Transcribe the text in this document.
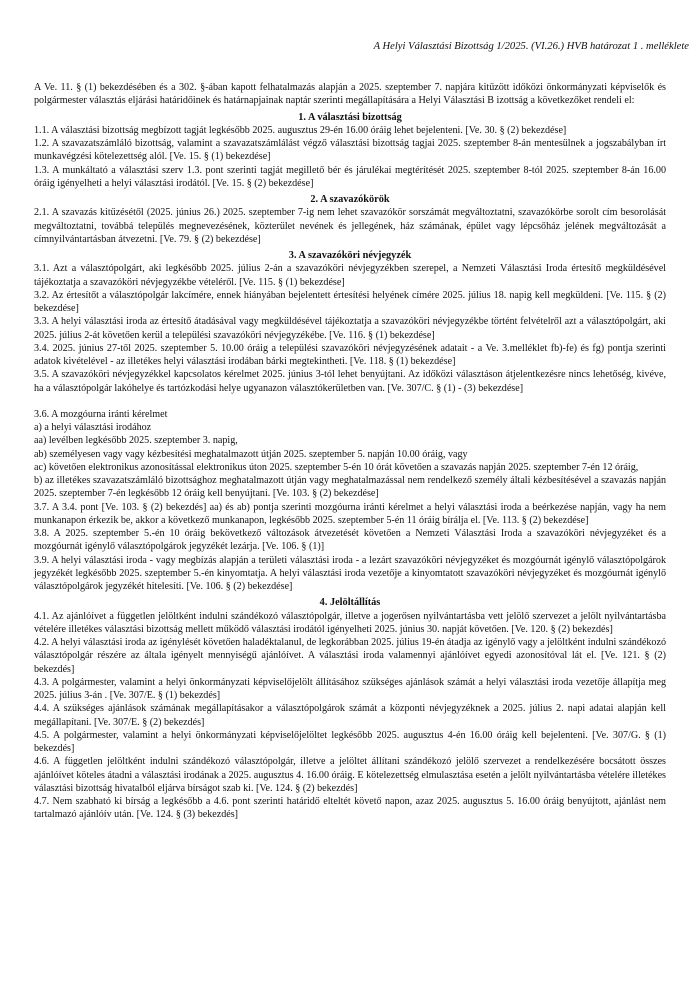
A Helyi Választási Bizottság 1/2025. (VI.26.) HVB határozat 1 . melléklete

A Ve. 11. § (1) bekezdésében és a 302. §-ában kapott felhatalmazás alapján a 2025. szeptember 7. napjára kitűzött időközi önkormányzati képviselők és polgármester választás eljárási határidőinek és határnapjainak naptár szerinti megállapítására a Helyi Választási B izottság a következőket rendeli el:

1. A választási bizottság

1.1. A választási bizottság megbízott tagját legkésőbb 2025. augusztus 29-én 16.00 óráig lehet bejelenteni. [Ve. 30. § (2) bekezdése]

1.2. A szavazatszámláló bizottság, valamint a szavazatszámlálást végző választási bizottság tagjai 2025. szeptember 8-án mentesülnek a jogszabályban írt munkavégzési kötelezettség alól. [Ve. 15. § (1) bekezdése]

1.3. A munkáltató a választási szerv 1.3. pont szerinti tagját megillető bér és járulékai megtérítését 2025. szeptember 8-tól 2025. szeptember 8-án 16.00 óráig igényelheti a helyi választási irodától. [Ve. 15. § (2) bekezdése]

2. A szavazókörök

2.1. A szavazás kitűzésétől (2025. június 26.) 2025. szeptember 7-ig nem lehet szavazókör sorszámát megváltoztatni, szavazókörbe sorolt cím besorolását megváltoztatni, továbbá település megnevezésének, közterület nevének és jellegének, ház számának, épület vagy lépcsőház jelének megváltozását a címnyilvántartásban átvezetni. [Ve. 79. § (2) bekezdése]

3. A szavazóköri névjegyzék

3.1. Azt a választópolgárt, aki legkésőbb 2025. július 2-án a szavazóköri névjegyzékben szerepel, a Nemzeti Választási Iroda értesítő megküldésével tájékoztatja a szavazóköri névjegyzékbe vételéről. [Ve. 115. § (1) bekezdése]

3.2. Az értesítőt a választópolgár lakcímére, ennek hiányában bejelentett értesítési helyének címére 2025. július 18. napig kell megküldeni. [Ve. 115. § (2) bekezdése]

3.3. A helyi választási iroda az értesítő átadásával vagy megküldésével tájékoztatja a szavazóköri névjegyzékbe történt felvételről azt a választópolgárt, aki 2025. július 2-át követően kerül a települési szavazóköri névjegyzékébe. [Ve. 116. § (1) bekezdése]

3.4. 2025. június 27-től 2025. szeptember 5. 10.00 óráig a települési szavazóköri névjegyzésének adatait - a Ve. 3.melléklet fb)-fe) és fg) pontja szerinti adatok kivételével - az illetékes helyi választási irodában bárki megtekintheti. [Ve. 118. § (1) bekezdése]

3.5. A szavazóköri névjegyzékkel kapcsolatos kérelmet 2025. június 3-tól lehet benyújtani. Az időközi választáson átjelentkezésre nincs lehetőség, kivéve, ha a választópolgár lakóhelye és tartózkodási helye ugyanazon választókerületben van. [Ve. 307/C. § (1) - (3) bekezdése]

3.6. A mozgóurna iránti kérelmet

a) a helyi választási irodához

aa) levélben legkésőbb 2025. szeptember 3. napig,

ab) személyesen vagy vagy kézbesítési meghatalmazott útján 2025. szeptember 5. napján 10.00 óráig, vagy

ac) követően elektronikus azonosítással elektronikus úton 2025. szeptember 5-én 10 órát követően a szavazás napján 2025. szeptember 7-én 12 óráig,

b) az illetékes szavazatszámláló bizottsághoz meghatalmazott útján vagy meghatalmazással nem rendelkező személy általi kézbesítésével a szavazás napján 2025. szeptember 7-én legkésőbb 12 óráig kell benyújtani. [Ve. 103. § (2) bekezdése]

3.7. A 3.4. pont [Ve. 103. § (2) bekezdés] aa) és ab) pontja szerinti mozgóurna iránti kérelmet a helyi választási iroda a beérkezése napján, vagy ha nem munkanapon érkezik be, akkor a következő munkanapon, legkésőbb 2025. szeptember 5-én 11 óráig bírálja el. [Ve. 113. § (2) bekezdése]

3.8. A 2025. szeptember 5.-én 10 óráig bekövetkező változások átvezetését követően a Nemzeti Választási Iroda a szavazóköri névjegyzéket és a mozgóurnát igénylő választópolgárok jegyzékét lezárja. [Ve. 106. § (1)]

3.9. A helyi választási iroda - vagy megbízás alapján a területi választási iroda - a lezárt szavazóköri névjegyzéket és mozgóurnát igénylő választópolgárok jegyzékét legkésőbb 2025. szeptember 5.-én kinyomtatja. A helyi választási iroda vezetője a kinyomtatott szavazóköri névjegyzéket és mozgóurnát igénylő választópolgárok jegyzékét hitelesíti. [Ve. 106. § (2) bekezdése]

4. Jelöltállítás

4.1. Az ajánlóívet a független jelöltként indulni szándékozó választópolgár, illetve a jogerősen nyilvántartásba vett jelölő szervezet a jelölt nyilvántartásba vételére illetékes választási bizottság mellett működő választási irodától igényelheti 2025. június 30. napját követően. [Ve. 120. § (2) bekezdés]

4.2. A helyi választási iroda az igénylését követően haladéktalanul, de legkorábban 2025. július 19-én átadja az igénylő vagy a jelöltként indulni szándékozó választópolgár részére az általa igényelt mennyiségű ajánlóívet. A választási iroda valamennyi ajánlóívet egyedi azonosítóval lát el. [Ve. 121. § (2) bekezdés]

4.3. A polgármester, valamint a helyi önkormányzati képviselőjelölt állításához szükséges ajánlások számát a helyi választási iroda vezetője állapítja meg 2025. július 3-án . [Ve. 307/E. § (1) bekezdés]

4.4. A szükséges ajánlások számának megállapításakor a választópolgárok számát a központi névjegyzéknek a 2025. július 2. napi adatai alapján kell megállapítani. [Ve. 307/E. § (2) bekezdés]

4.5. A polgármester, valamint a helyi önkormányzati képviselőjelöltet legkésőbb 2025. augusztus 4-én 16.00 óráig kell bejelenteni. [Ve. 307/G. § (1) bekezdés]

4.6. A független jelöltként indulni szándékozó választópolgár, illetve a jelöltet állítani szándékozó jelölő szervezet a rendelkezésére bocsátott összes ajánlóívet köteles átadni a választási irodának a 2025. augusztus 4. 16.00 óráig. E kötelezettség elmulasztása esetén a jelölt nyilvántartásba vételére illetékes választási bizottság hivatalból eljárva bírságot szab ki. [Ve. 124. § (2) bekezdés]

4.7. Nem szabható ki bírság a legkésőbb a 4.6. pont szerinti határidő elteltét követő napon, azaz 2025. augusztus 5. 16.00 óráig benyújtott, ajánlást nem tartalmazó ajánlóív után. [Ve. 124. § (3) bekezdés]
